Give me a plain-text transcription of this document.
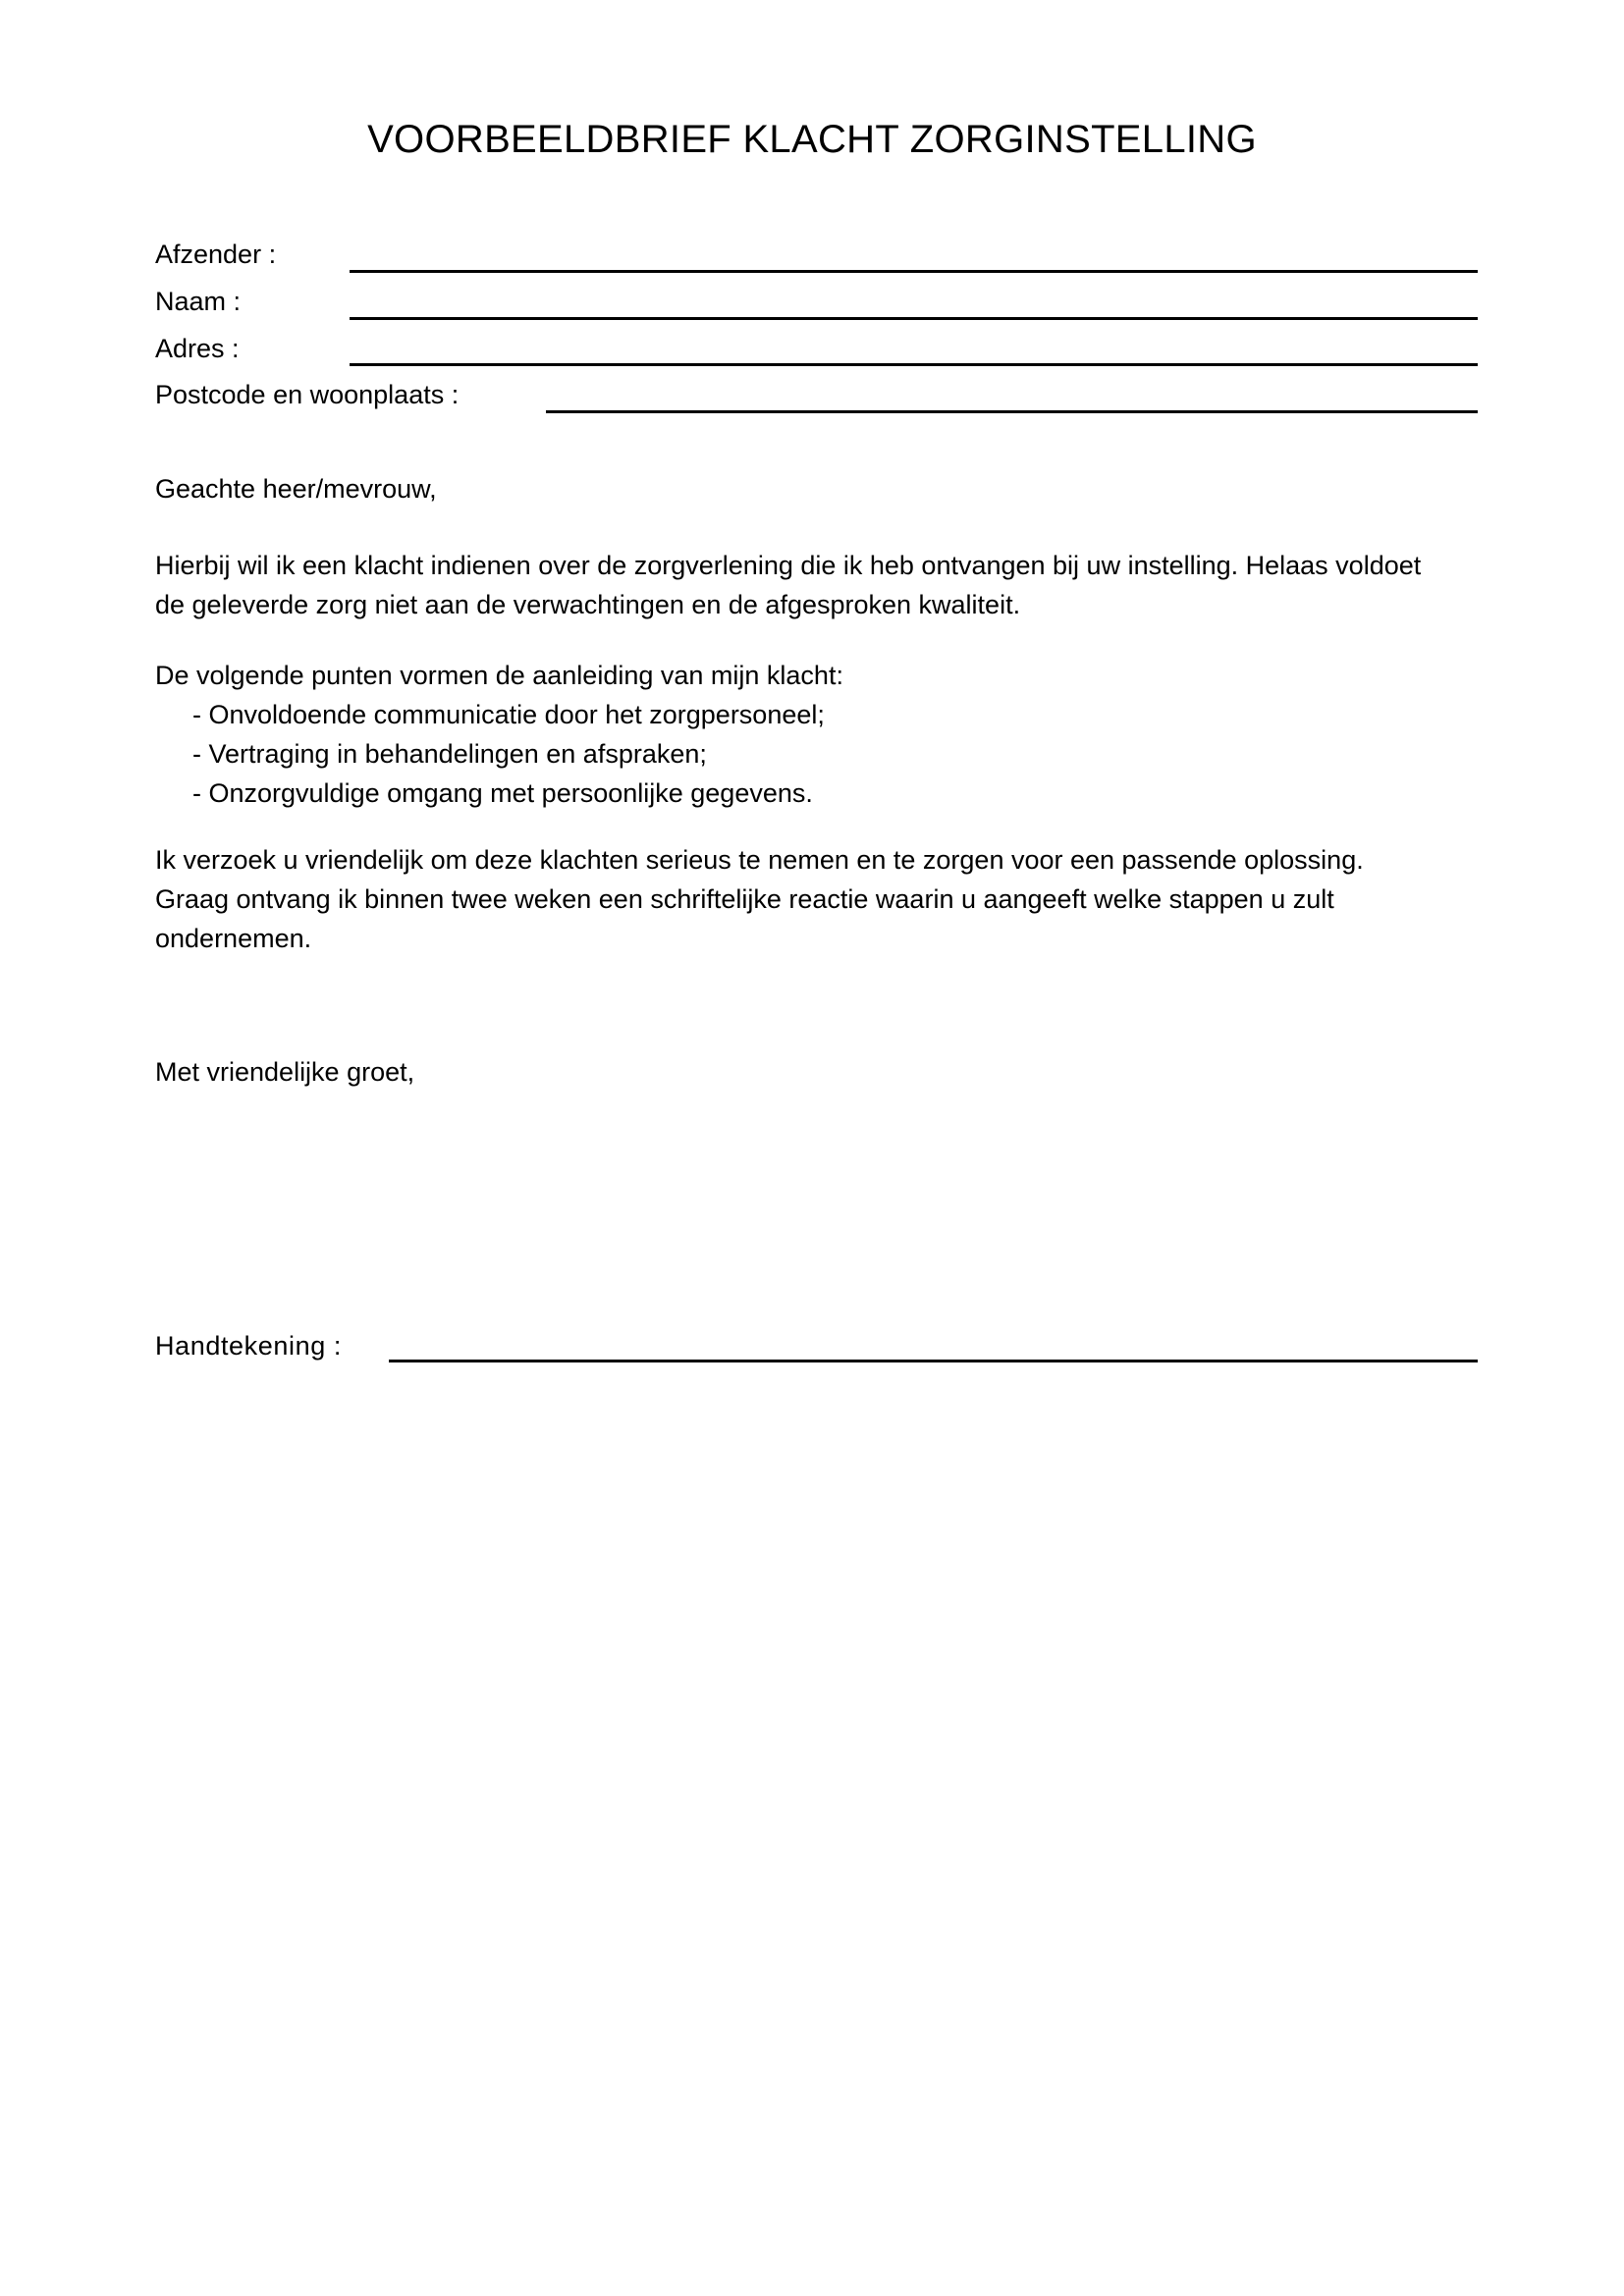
VOORBEELDBRIEF KLACHT ZORGINSTELLING
Afzender :
Naam :
Adres :
Postcode en woonplaats :
Geachte heer/mevrouw,
Hierbij wil ik een klacht indienen over de zorgverlening die ik heb ontvangen bij uw instelling. Helaas voldoet
de geleverde zorg niet aan de verwachtingen en de afgesproken kwaliteit.
De volgende punten vormen de aanleiding van mijn klacht:
- Onvoldoende communicatie door het zorgpersoneel;
- Vertraging in behandelingen en afspraken;
- Onzorgvuldige omgang met persoonlijke gegevens.
Ik verzoek u vriendelijk om deze klachten serieus te nemen en te zorgen voor een passende oplossing.
Graag ontvang ik binnen twee weken een schriftelijke reactie waarin u aangeeft welke stappen u zult
ondernemen.
Met vriendelijke groet,
Handtekening :
